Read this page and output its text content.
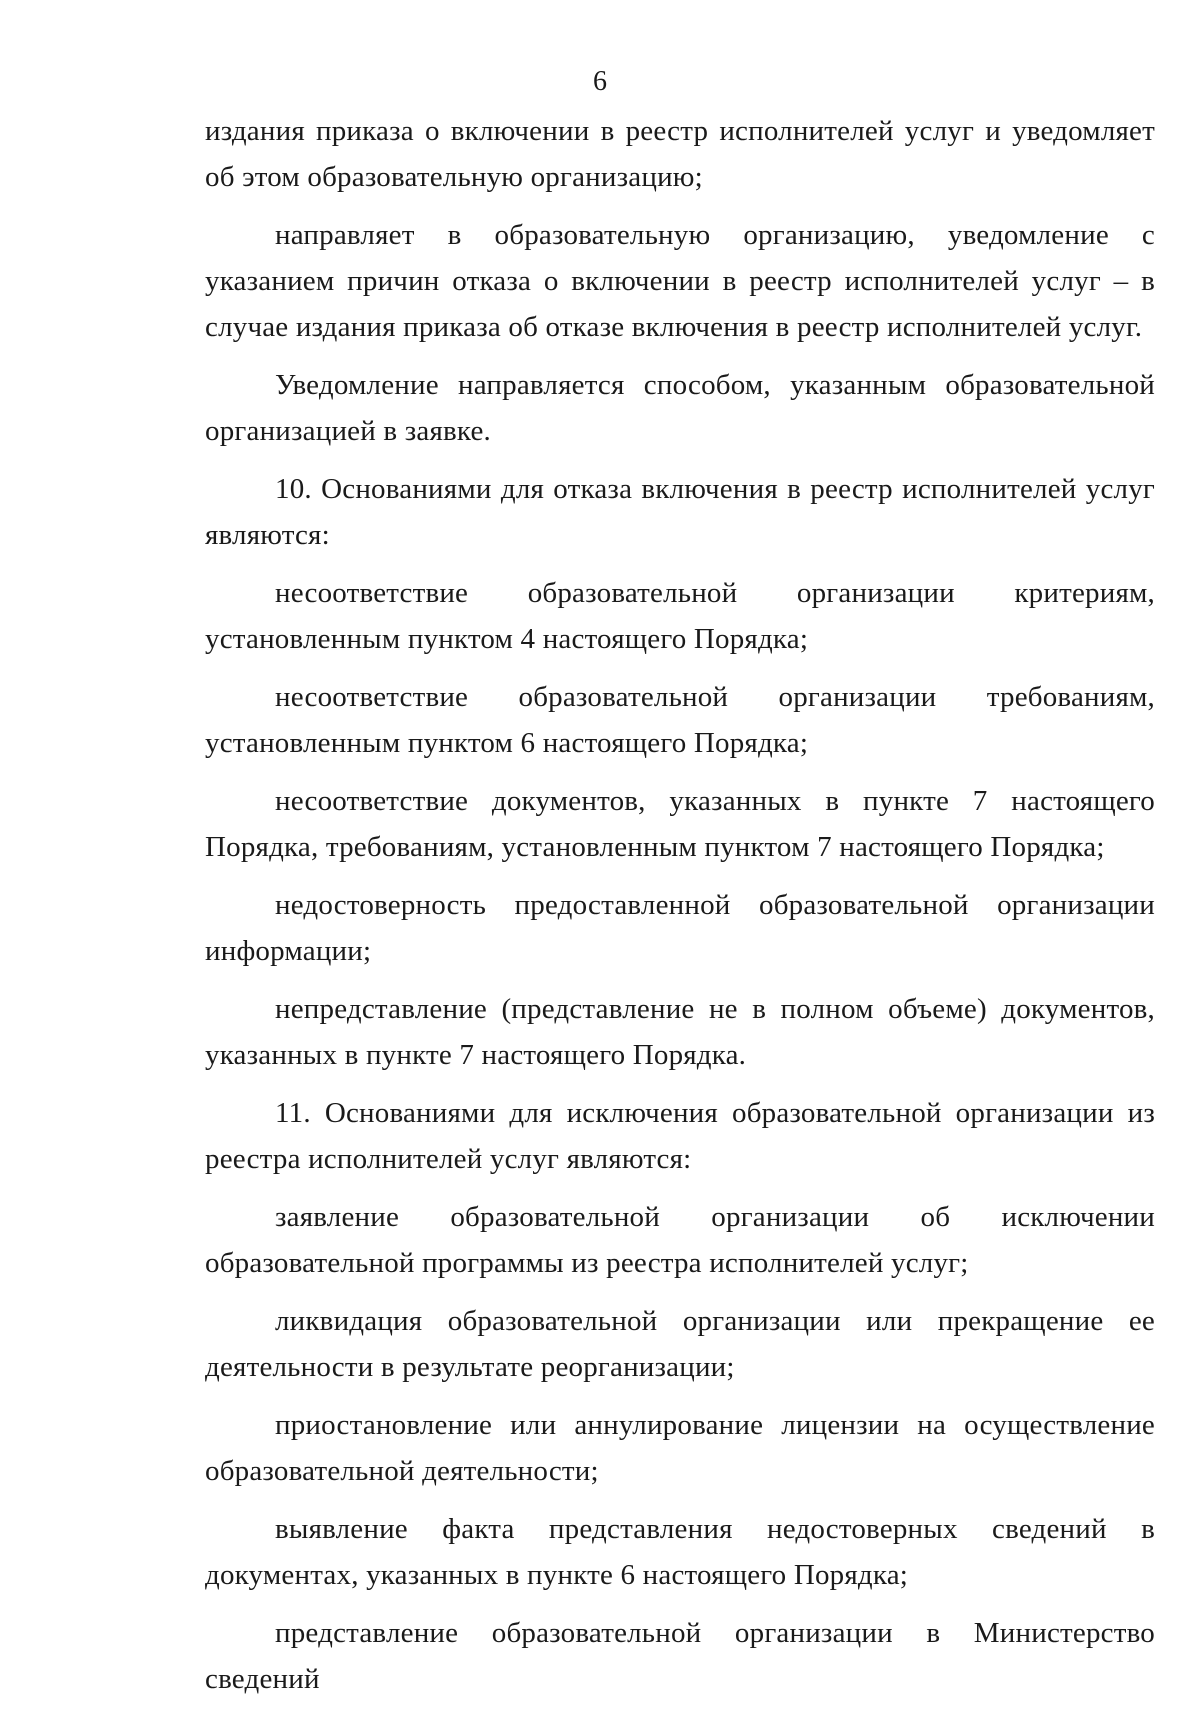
6

издания приказа о включении в реестр исполнителей услуг и уведомляет об этом образовательную организацию;

направляет в образовательную организацию, уведомление с указанием причин отказа о включении в реестр исполнителей услуг – в случае издания приказа об отказе включения в реестр исполнителей услуг.

Уведомление направляется способом, указанным образовательной организацией в заявке.

10. Основаниями для отказа включения в реестр исполнителей услуг являются:

несоответствие образовательной организации критериям, установленным пунктом 4 настоящего Порядка;

несоответствие образовательной организации требованиям, установленным пунктом 6 настоящего Порядка;

несоответствие документов, указанных в пункте 7 настоящего Порядка, требованиям, установленным пунктом 7 настоящего Порядка;

недостоверность предоставленной образовательной организации информации;

непредставление (представление не в полном объеме) документов, указанных в пункте 7 настоящего Порядка.

11. Основаниями для исключения образовательной организации из реестра исполнителей услуг являются:

заявление образовательной организации об исключении образовательной программы из реестра исполнителей услуг;

ликвидация образовательной организации или прекращение ее деятельности в результате реорганизации;

приостановление или аннулирование лицензии на осуществление образовательной деятельности;

выявление факта представления недостоверных сведений в документах, указанных в пункте 6 настоящего Порядка;

представление образовательной организации в Министерство сведений
